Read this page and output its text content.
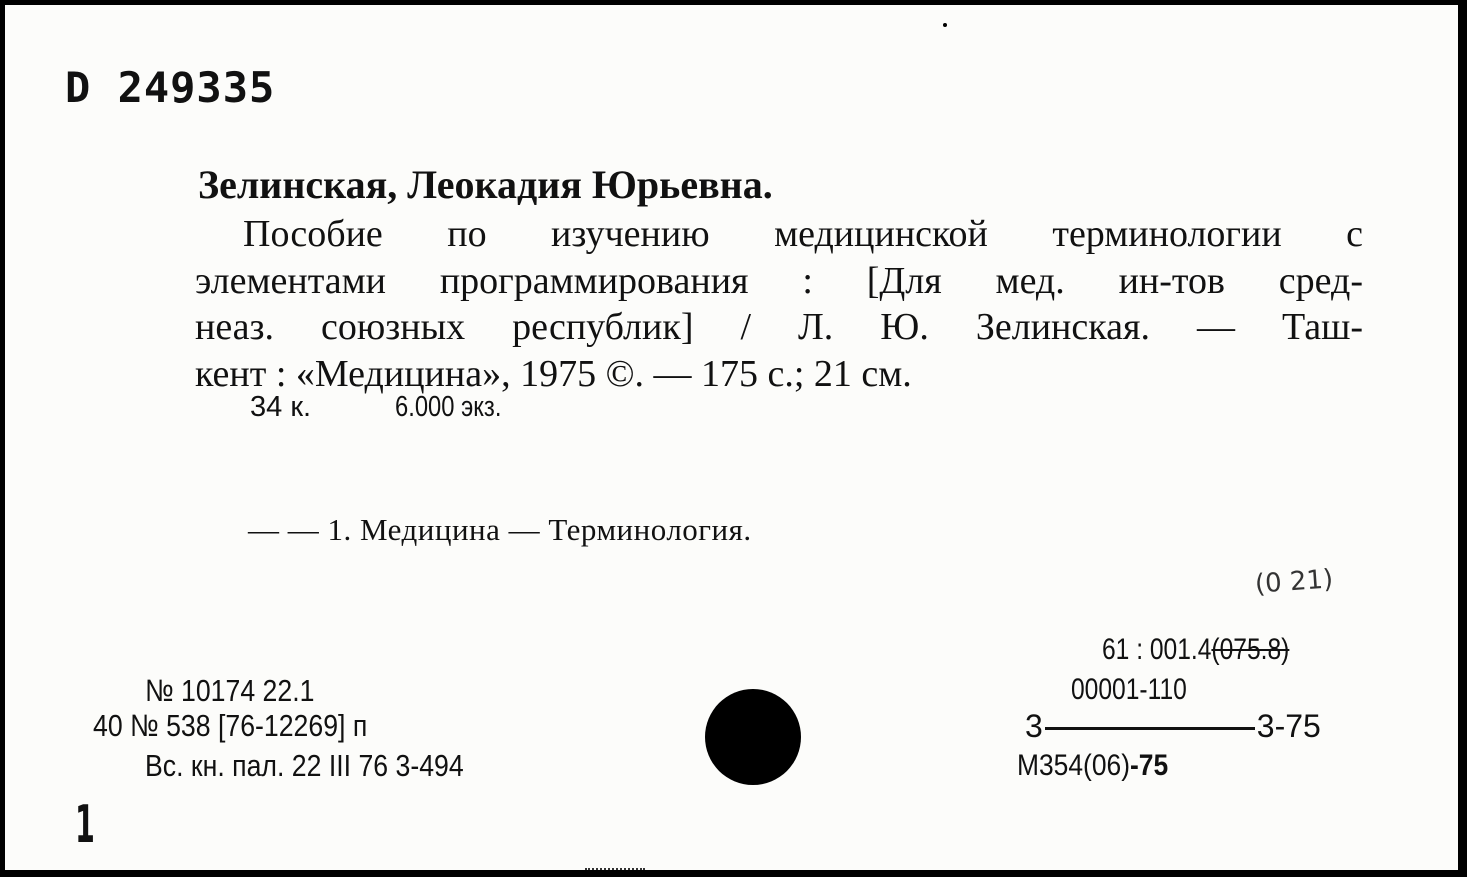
D 249335
Зелинская, Леокадия Юрьевна.
Пособие по изучению медицинской терминологии с
элементами программирования : [Для мед. ин-тов сред-
неаз. союзных республик] / Л. Ю. Зелинская. — Таш-
кент : «Медицина», 1975 ©. — 175 с.; 21 см.
34 к.	6.000 экз.
— — 1. Медицина — Терминология.
(0 21)
61 : 001.4(075.8)
00001-110
3	3-75
М354(06)-75
№ 10174 22.1
40 № 538 [76-12269] п
Вс. кн. пал. 22 III 76 3-494
1
